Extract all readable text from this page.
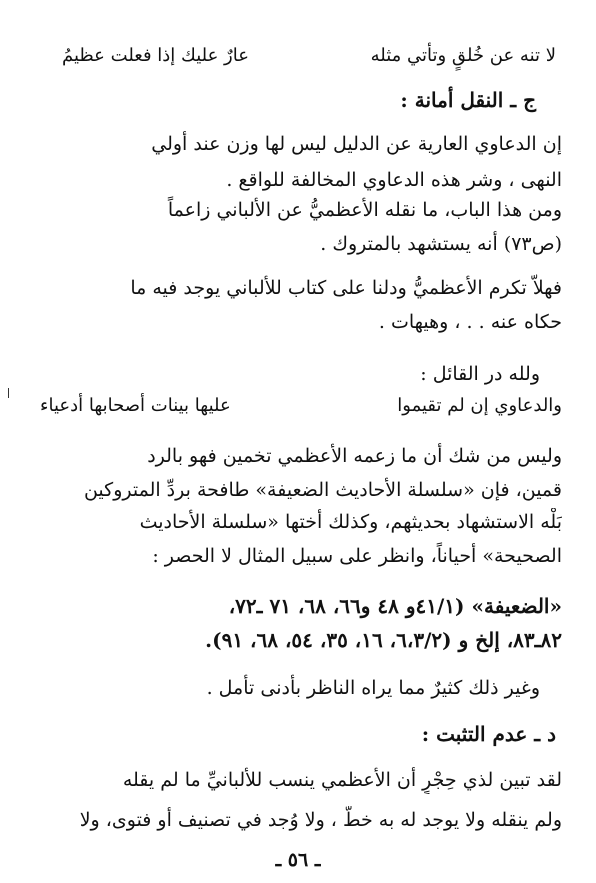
لا تنه عن خُلقٍ وتأتي مثله
عارٌ عليك إذا فعلت عظيمُ
ج ـ النقل أمانة :
إن الدعاوي العارية عن الدليل ليس لها وزن عند أولي
النهى ، وشر هذه الدعاوي المخالفة للواقع .
ومن هذا الباب، ما نقله الأعظميُّ عن الألباني زاعماً
(ص٧٣) أنه يستشهد بالمتروك .
فهلاّ تكرم الأعظميُّ ودلنا على كتاب للألباني يوجد فيه ما
حكاه عنه . . ، وهيهات .
ولله در القائل :
والدعاوي إن لم تقيموا
عليها بينات أصحابها أدعياء
وليس من شك أن ما زعمه الأعظمي تخمين فهو بالرد
قمين، فإن «سلسلة الأحاديث الضعيفة» طافحة بردِّ المتروكين
بَلْه الاستشهاد بحديثهم، وكذلك أختها «سلسلة الأحاديث
الصحيحة» أحياناً، وانظر على سبيل المثال لا الحصر :
«الضعيفة» (٤١/١و ٤٨ و٦٦، ٦٨، ٧١ ـ٧٢،
٨٢ـ٨٣، إلخ و (٦،٣/٢، ١٦، ٣٥، ٥٤، ٦٨، ٩١).
وغير ذلك كثيرٌ مما يراه الناظر بأدنى تأمل .
د ـ عدم التثبت :
لقد تبين لذي حِجْرٍ أن الأعظمي ينسب للألبانيِّ ما لم يقله
ولم ينقله ولا يوجد له به خطٌّ ، ولا وُجد في تصنيف أو فتوى، ولا
ـ ٥٦ ـ
